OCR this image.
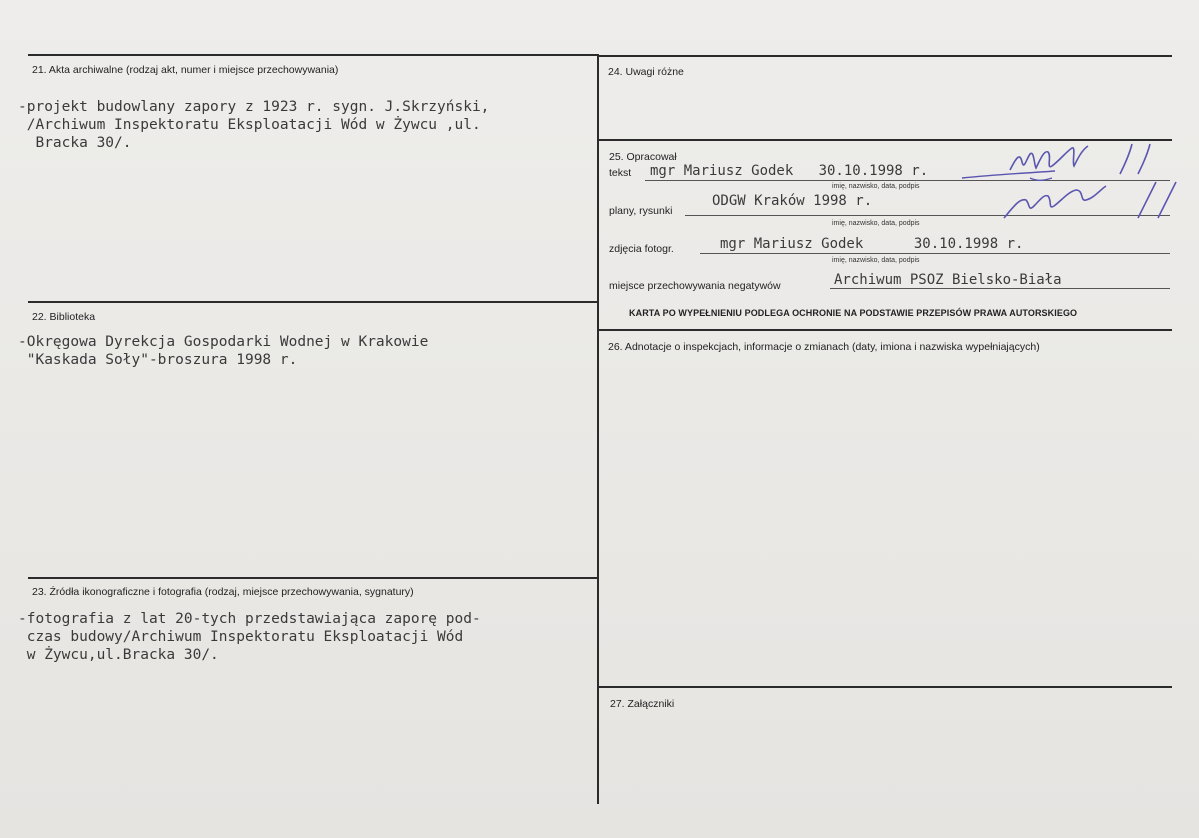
21. Akta archiwalne (rodzaj akt, numer i miejsce przechowywania)
-projekt budowlany zapory z 1923 r. sygn. J.Skrzyński,
/Archiwum Inspektoratu Eksploatacji Wód w Żywcu ,ul.
Bracka 30/.
22. Biblioteka
-Okręgowa Dyrekcja Gospodarki Wodnej w Krakowie
"Kaskada Soły"-broszura 1998 r.
23. Źródła ikonograficzne i fotografia (rodzaj, miejsce przechowywania, sygnatury)
-fotografia z lat 20-tych przedstawiająca zaporę pod-
czas budowy/Archiwum Inspektoratu Eksploatacji Wód
w Żywcu,ul.Bracka 30/.
24. Uwagi różne
25. Opracował
tekst mgr Mariusz Godek   30.10.1998 r.
imię, nazwisko, data, podpis
plany, rysunki
ODGW Kraków 1998 r.
imię, nazwisko, data, podpis
zdjęcia fotogr.	mgr Mariusz Godek      30.10.1998 r.
imię, nazwisko, data, podpis
miejsce przechowywania negatywów	Archiwum PSOZ Bielsko-Biała
KARTA PO WYPEŁNIENIU PODLEGA OCHRONIE NA PODSTAWIE PRZEPISÓW PRAWA AUTORSKIEGO
26. Adnotacje o inspekcjach, informacje o zmianach (daty, imiona i nazwiska wypełniających)
27. Załączniki
